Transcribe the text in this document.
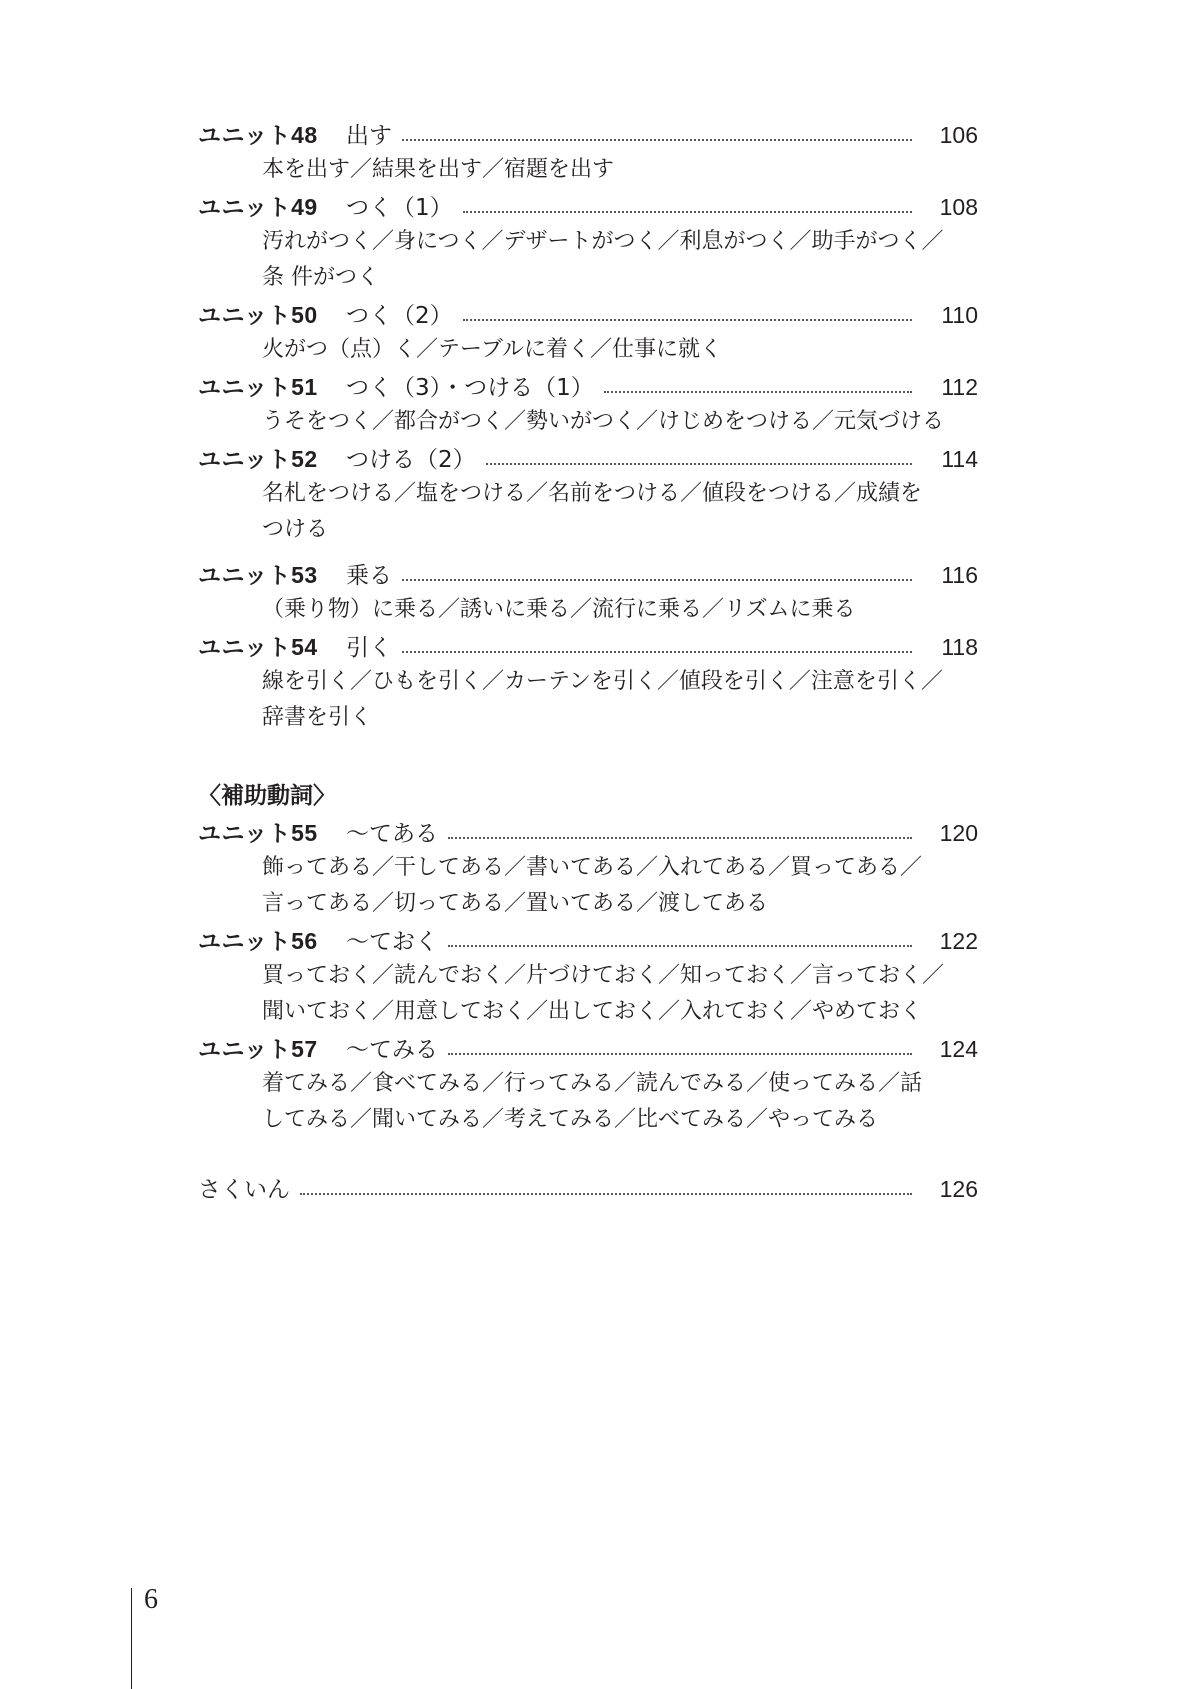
ユニット48	出す	106
本を出す／結果を出す／宿題を出す
ユニット49	つく（1）	108
汚れがつく／身につく／デザートがつく／利息がつく／助手がつく／
条 件がつく
ユニット50	つく（2）	110
火がつ（点）く／テーブルに着く／仕事に就く
ユニット51	つく（3）・つける（1）	112
うそをつく／都合がつく／勢いがつく／けじめをつける／元気づける
ユニット52	つける（2）	114
名札をつける／塩をつける／名前をつける／値段をつける／成績を
つける
ユニット53	乗る	116
（乗り物）に乗る／誘いに乗る／流行に乗る／リズムに乗る
ユニット54	引く	118
線を引く／ひもを引く／カーテンを引く／値段を引く／注意を引く／
辞書を引く
〈補助動詞〉
ユニット55	～てある	120
飾ってある／干してある／書いてある／入れてある／買ってある／
言ってある／切ってある／置いてある／渡してある
ユニット56	～ておく	122
買っておく／読んでおく／片づけておく／知っておく／言っておく／
聞いておく／用意しておく／出しておく／入れておく／やめておく
ユニット57	～てみる	124
着てみる／食べてみる／行ってみる／読んでみる／使ってみる／話
してみる／聞いてみる／考えてみる／比べてみる／やってみる
さくいん	126
6
